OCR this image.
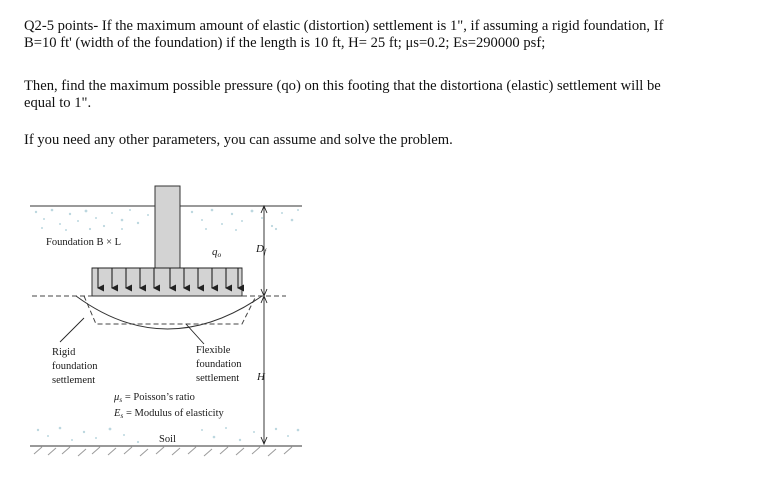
Q2-5 points- If the maximum amount of elastic (distortion) settlement is 1", if assuming a rigid foundation, If
B=10 ft' (width of the foundation) if the length is 10 ft, H= 25 ft; μs=0.2; Es=290000 psf;
Then, find the maximum possible pressure (qo) on this footing that the distortiona (elastic) settlement will be
equal to 1".
If you need any other parameters, you can assume and solve the problem.
Foundation B × L
qo	Df
Rigid
foundation
settlement
Flexible
foundation
settlement H
μs = Poisson’s ratio
Es = Modulus of elasticity
Soil
